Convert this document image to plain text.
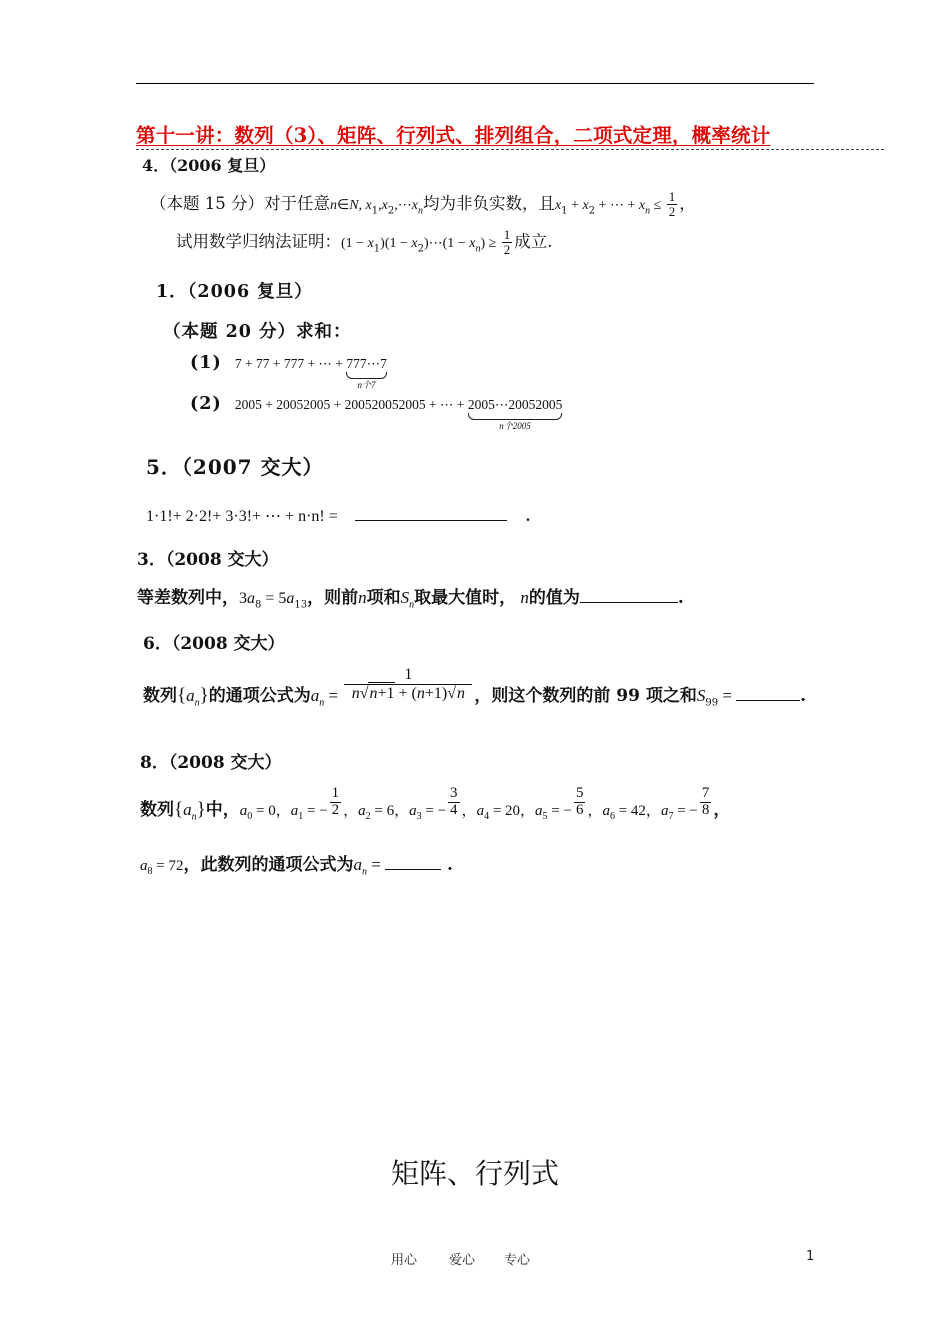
第十一讲：数列（3）、矩阵、行列式、排列组合，二项式定理，概率统计
4．（2006 复旦）
（本题 15 分）对于任意n∈N, $x_1,x_2,\cdots x_n$均为非负实数，且$x_1 + x_2$ + ⋯ + $x_n \le \frac{1}{2}$ ，
试用数学归纳法证明：$(1 - x_1)(1$ − $x_2)\cdots(1 - x_n) \ge \frac{1}{2}$ 成立.
1．（2006 复旦）
（本题 20 分）求和：
(1) 7 + 77 + 777 + ⋯ + 777⋯7
n个7
(2) 2005 + 20052005 + 200520052005 + ⋯ + 2005⋯20052005
n个2005
5．（2007 交大）
1·1!+ 2·2!+ 3·3!+ ⋯ + n·n! =	.
3．（2008 交大）
等差数列中，$3a_8 = 5a_{13}$，则前n项和$S_n$取最大值时， n的值为	.
6．（2008 交大）
数列$\{a_n\}$的通项公式为$a_n = \frac{1}{n√n+1 + (n+1)√n}$ ，则这个数列的前 99 项之和$S_{99}$ =	.
8．（2008 交大）
数列$\{a_n\}$中，$a_0 = 0$，$a_1$ = − $\frac{1}{2}$ ，$a_2 = 6$，$a_3$ = − $\frac{3}{4}$ ，$a_4 = 20$，$a_5$ = − $\frac{5}{6}$ ，$a_6 = 42$，$a_7$ = − $\frac{7}{8}$ ，
$a_8 = 72$，此数列的通项公式为$a_n$ =	.
矩阵、行列式
用心 爱心 专心	1
